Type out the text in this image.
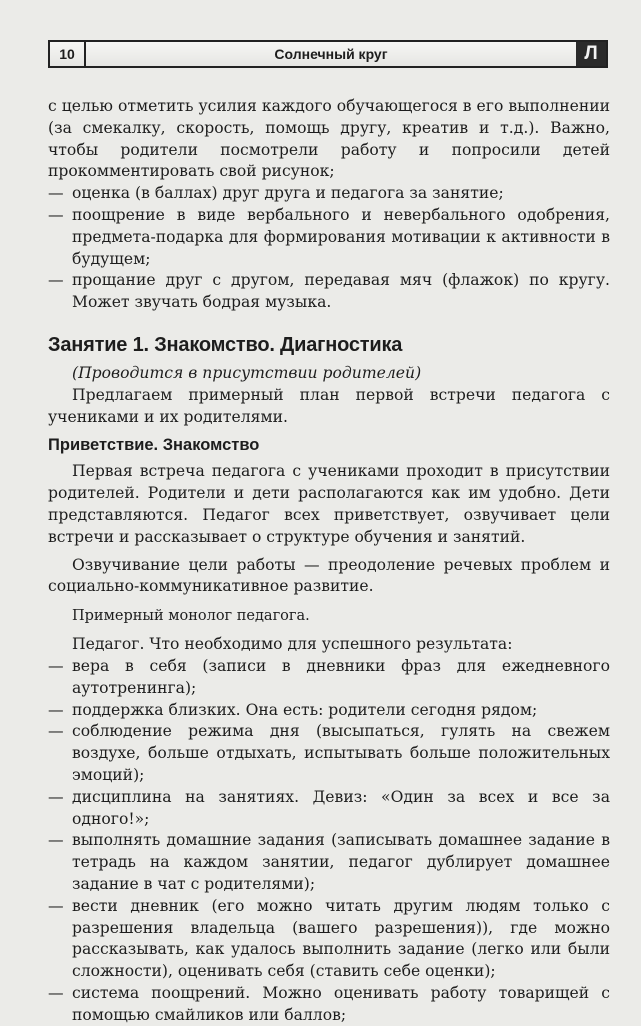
10	Солнечный круг	Л

с целью отметить усилия каждого обучающегося в его выполнении (за смекалку, скорость, помощь другу, креатив и т.д.). Важно, чтобы родители посмотрели работу и попросили детей прокомментировать свой рисунок;

— оценка (в баллах) друг друга и педагога за занятие;

— поощрение в виде вербального и невербального одобрения, предмета-подарка для формирования мотивации к активности в будущем;

— прощание друг с другом, передавая мяч (флажок) по кругу. Может звучать бодрая музыка.

Занятие 1. Знакомство. Диагностика

(Проводится в присутствии родителей)

Предлагаем примерный план первой встречи педагога с учениками и их родителями.

Приветствие. Знакомство

Первая встреча педагога с учениками проходит в присутствии родителей. Родители и дети располагаются как им удобно. Дети представляются. Педагог всех приветствует, озвучивает цели встречи и рассказывает о структуре обучения и занятий.

Озвучивание цели работы — преодоление речевых проблем и социально-коммуникативное развитие.

Примерный монолог педагога.

Педагог. Что необходимо для успешного результата:

— вера в себя (записи в дневники фраз для ежедневного аутотренинга);

— поддержка близких. Она есть: родители сегодня рядом;

— соблюдение режима дня (высыпаться, гулять на свежем воздухе, больше отдыхать, испытывать больше положительных эмоций);

— дисциплина на занятиях. Девиз: «Один за всех и все за одного!»;

— выполнять домашние задания (записывать домашнее задание в тетрадь на каждом занятии, педагог дублирует домашнее задание в чат с родителями);

— вести дневник (его можно читать другим людям только с разрешения владельца (вашего разрешения)), где можно рассказывать, как удалось выполнить задание (легко или были сложности), оценивать себя (ставить себе оценки);

— система поощрений. Можно оценивать работу товарищей с помощью смайликов или баллов;
